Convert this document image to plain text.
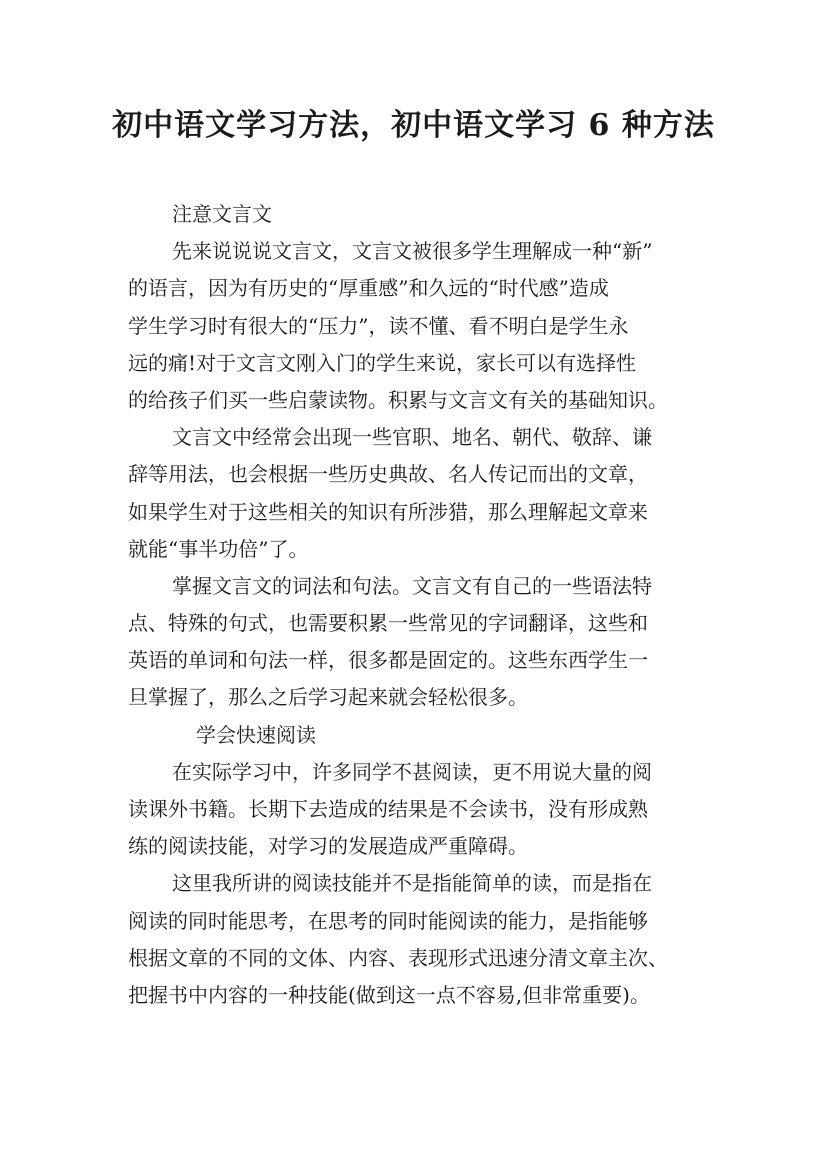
初中语文学习方法，初中语文学习 6 种方法
注意文言文
先来说说说文言文，文言文被很多学生理解成一种“新”
的语言，因为有历史的“厚重感”和久远的“时代感”造成
学生学习时有很大的“压力”，读不懂、看不明白是学生永
远的痛!对于文言文刚入门的学生来说，家长可以有选择性
的给孩子们买一些启蒙读物。积累与文言文有关的基础知识。
文言文中经常会出现一些官职、地名、朝代、敬辞、谦
辞等用法，也会根据一些历史典故、名人传记而出的文章，
如果学生对于这些相关的知识有所涉猎，那么理解起文章来
就能“事半功倍”了。
掌握文言文的词法和句法。文言文有自己的一些语法特
点、特殊的句式，也需要积累一些常见的字词翻译，这些和
英语的单词和句法一样，很多都是固定的。这些东西学生一
旦掌握了，那么之后学习起来就会轻松很多。
学会快速阅读
在实际学习中，许多同学不甚阅读，更不用说大量的阅
读课外书籍。长期下去造成的结果是不会读书，没有形成熟
练的阅读技能，对学习的发展造成严重障碍。
这里我所讲的阅读技能并不是指能简单的读，而是指在
阅读的同时能思考，在思考的同时能阅读的能力，是指能够
根据文章的不同的文体、内容、表现形式迅速分清文章主次、
把握书中内容的一种技能(做到这一点不容易,但非常重要)。
